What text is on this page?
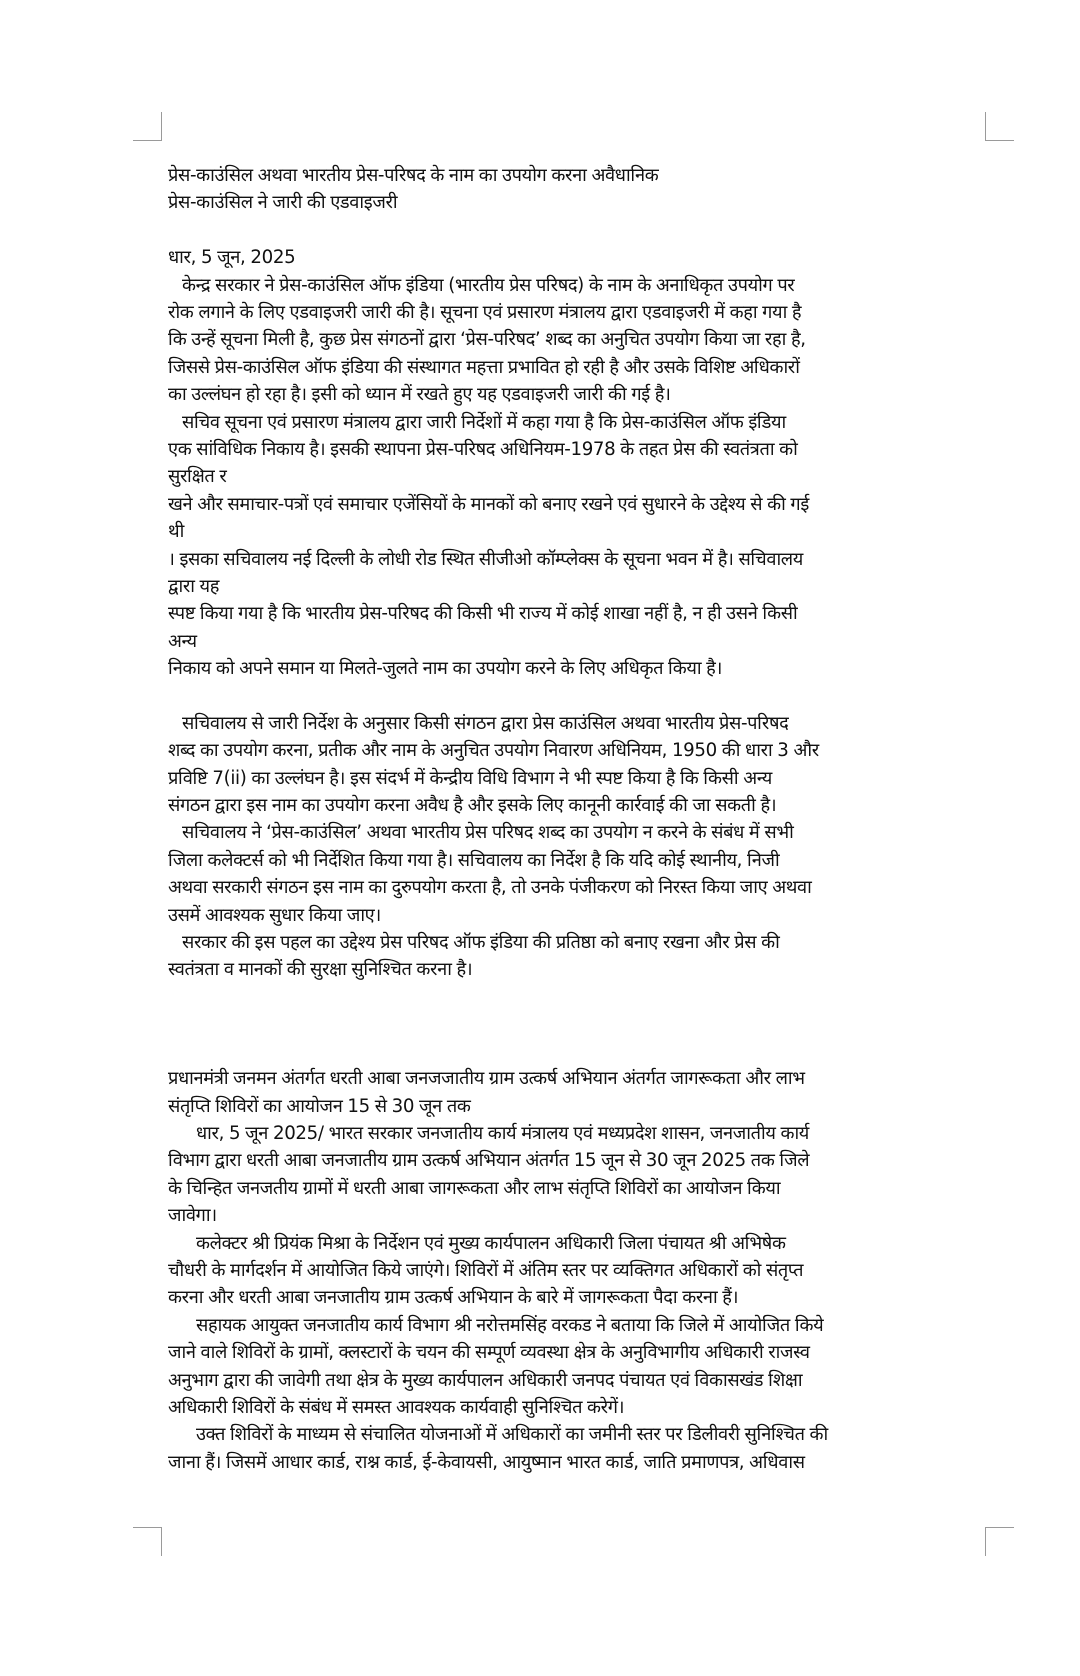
प्रेस-काउंसिल अथवा भारतीय प्रेस-परिषद के नाम का उपयोग करना अवैधानिक
प्रेस-काउंसिल ने जारी की एडवाइजरी
धार, 5 जून, 2025
केन्द्र सरकार ने प्रेस-काउंसिल ऑफ इंडिया (भारतीय प्रेस परिषद) के नाम के अनाधिकृत उपयोग पर
रोक लगाने के लिए एडवाइजरी जारी की है। सूचना एवं प्रसारण मंत्रालय द्वारा एडवाइजरी में कहा गया है
कि उन्हें सूचना मिली है, कुछ प्रेस संगठनों द्वारा ‘प्रेस-परिषद’ शब्द का अनुचित उपयोग किया जा रहा है,
जिससे प्रेस-काउंसिल ऑफ इंडिया की संस्थागत महत्ता प्रभावित हो रही है और उसके विशिष्ट अधिकारों
का उल्लंघन हो रहा है। इसी को ध्यान में रखते हुए यह एडवाइजरी जारी की गई है।
सचिव सूचना एवं प्रसारण मंत्रालय द्वारा जारी निर्देशों में कहा गया है कि प्रेस-काउंसिल ऑफ इंडिया
एक सांविधिक निकाय है। इसकी स्थापना प्रेस-परिषद अधिनियम-1978 के तहत प्रेस की स्वतंत्रता को
सुरक्षित र
खने और समाचार-पत्रों एवं समाचार एजेंसियों के मानकों को बनाए रखने एवं सुधारने के उद्देश्य से की गई
थी
। इसका सचिवालय नई दिल्ली के लोधी रोड स्थित सीजीओ कॉम्प्लेक्स के सूचना भवन में है। सचिवालय
द्वारा यह
स्पष्ट किया गया है कि भारतीय प्रेस-परिषद की किसी भी राज्य में कोई शाखा नहीं है, न ही उसने किसी
अन्य
निकाय को अपने समान या मिलते-जुलते नाम का उपयोग करने के लिए अधिकृत किया है।
सचिवालय से जारी निर्देश के अनुसार किसी संगठन द्वारा प्रेस काउंसिल अथवा भारतीय प्रेस-परिषद
शब्द का उपयोग करना, प्रतीक और नाम के अनुचित उपयोग निवारण अधिनियम, 1950 की धारा 3 और
प्रविष्टि 7(ii) का उल्लंघन है। इस संदर्भ में केन्द्रीय विधि विभाग ने भी स्पष्ट किया है कि किसी अन्य
संगठन द्वारा इस नाम का उपयोग करना अवैध है और इसके लिए कानूनी कार्रवाई की जा सकती है।
सचिवालय ने ‘प्रेस-काउंसिल’ अथवा भारतीय प्रेस परिषद शब्द का उपयोग न करने के संबंध में सभी
जिला कलेक्टर्स को भी निर्देशित किया गया है। सचिवालय का निर्देश है कि यदि कोई स्थानीय, निजी
अथवा सरकारी संगठन इस नाम का दुरुपयोग करता है, तो उनके पंजीकरण को निरस्त किया जाए अथवा
उसमें आवश्यक सुधार किया जाए।
सरकार की इस पहल का उद्देश्य प्रेस परिषद ऑफ इंडिया की प्रतिष्ठा को बनाए रखना और प्रेस की
स्वतंत्रता व मानकों की सुरक्षा सुनिश्चित करना है।
प्रधानमंत्री जनमन अंतर्गत धरती आबा जनजजातीय ग्राम उत्कर्ष अभियान अंतर्गत जागरूकता और लाभ
संतृप्ति शिविरों का आयोजन 15 से 30 जून तक
धार, 5 जून 2025/ भारत सरकार जनजातीय कार्य मंत्रालय एवं मध्यप्रदेश शासन, जनजातीय कार्य
विभाग द्वारा धरती आबा जनजातीय ग्राम उत्कर्ष अभियान अंतर्गत 15 जून से 30 जून 2025 तक जिले
के चिन्हित जनजतीय ग्रामों में धरती आबा जागरूकता और लाभ संतृप्ति शिविरों का आयोजन किया
जावेगा।
कलेक्टर श्री प्रियंक मिश्रा के निर्देशन एवं मुख्य कार्यपालन अधिकारी जिला पंचायत श्री अभिषेक
चौधरी के मार्गदर्शन में आयोजित किये जाएंगे। शिविरों में अंतिम स्तर पर व्यक्तिगत अधिकारों को संतृप्त
करना और धरती आबा जनजातीय ग्राम उत्कर्ष अभियान के बारे में जागरूकता पैदा करना हैं।
सहायक आयुक्त जनजातीय कार्य विभाग श्री नरोत्तमसिंह वरकड ने बताया कि जिले में आयोजित किये
जाने वाले शिविरों के ग्रामों, क्लस्टारों के चयन की सम्पूर्ण व्यवस्था क्षेत्र के अनुविभागीय अधिकारी राजस्व
अनुभाग द्वारा की जावेगी तथा क्षेत्र के मुख्य कार्यपालन अधिकारी जनपद पंचायत एवं विकासखंड शिक्षा
अधिकारी शिविरों के संबंध में समस्त आवश्यक कार्यवाही सुनिश्चित करेगें।
उक्त शिविरों के माध्यम से संचालित योजनाओं में अधिकारों का जमीनी स्तर पर डिलीवरी सुनिश्चित की
जाना हैं। जिसमें आधार कार्ड, राश्न कार्ड, ई-केवायसी, आयुष्मान भारत कार्ड, जाति प्रमाणपत्र, अधिवास
